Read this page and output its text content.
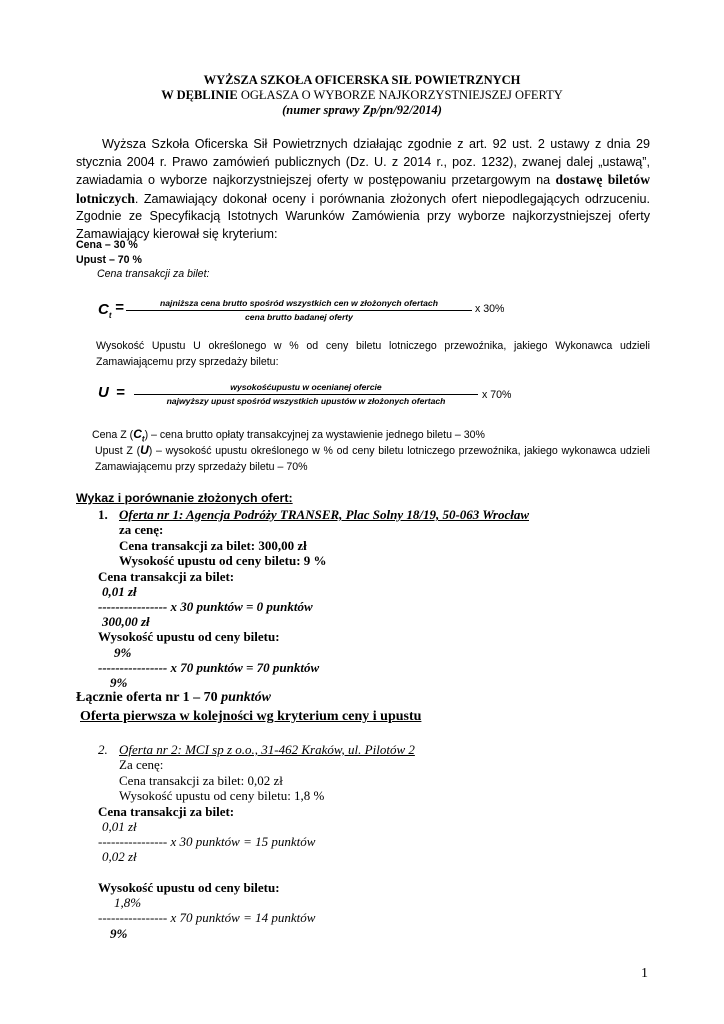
WYŻSZA SZKOŁA OFICERSKA SIŁ POWIETRZNYCH
W DĘBLINIE OGŁASZA O WYBORZE NAJKORZYSTNIEJSZEJ OFERTY
(numer sprawy Zp/pn/92/2014)

Wyższa Szkoła Oficerska Sił Powietrznych działając zgodnie z art. 92 ust. 2 ustawy z dnia 29 stycznia 2004 r. Prawo zamówień publicznych (Dz. U. z 2014 r., poz. 1232), zwanej dalej „ustawą”, zawiadamia o wyborze najkorzystniejszej oferty w postępowaniu przetargowym na dostawę biletów lotniczych. Zamawiający dokonał oceny i porównania złożonych ofert niepodlegających odrzuceniu. Zgodnie ze Specyfikacją Istotnych Warunków Zamówienia przy wyborze najkorzystniejszej oferty Zamawiający kierował się kryterium:

Cena – 30 %
Upust – 70 %
Cena transakcji za bilet:
$C_t$ =	najniższa cena brutto spośród wszystkich cen w złożonych ofertach
cena brutto badanej oferty
x 30%
Wysokość Upustu U określonego w % od ceny biletu lotniczego przewoźnika, jakiego Wykonawca udzieli Zamawiającemu przy sprzedaży biletu:
U =	wysokośćupustu w ocenianej ofercie
najwyższy upust spośród wszystkich upustów w złożonych ofertach	x 70%
Cena Z $(C_t)$ – cena brutto opłaty transakcyjnej za wystawienie jednego biletu – 30%
Upust Z (U) – wysokość upustu określonego w % od ceny biletu lotniczego przewoźnika, jakiego wykonawca udzieli Zamawiającemu przy sprzedaży biletu – 70%
Wykaz i porównanie złożonych ofert:
1. Oferta nr 1: Agencja Podróży TRANSER, Plac Solny 18/19, 50-063 Wrocław
za cenę:
Cena transakcji za bilet: 300,00 zł
Wysokość upustu od ceny biletu: 9 %
Cena transakcji za bilet:
0,01 zł
---------------- x 30 punktów = 0 punktów
300,00 zł
Wysokość upustu od ceny biletu:
9%
---------------- x 70 punktów = 70 punktów
9%
Łącznie oferta nr 1 – 70 punktów
Oferta pierwsza w kolejności wg kryterium ceny i upustu
2. Oferta nr 2: MCI sp z o.o., 31-462 Kraków, ul. Pilotów 2
Za cenę:
Cena transakcji za bilet: 0,02 zł
Wysokość upustu od ceny biletu: 1,8 %
Cena transakcji za bilet:
0,01 zł
---------------- x 30 punktów = 15 punktów
0,02 zł
Wysokość upustu od ceny biletu:
1,8%
---------------- x 70 punktów = 14 punktów
9%
1
